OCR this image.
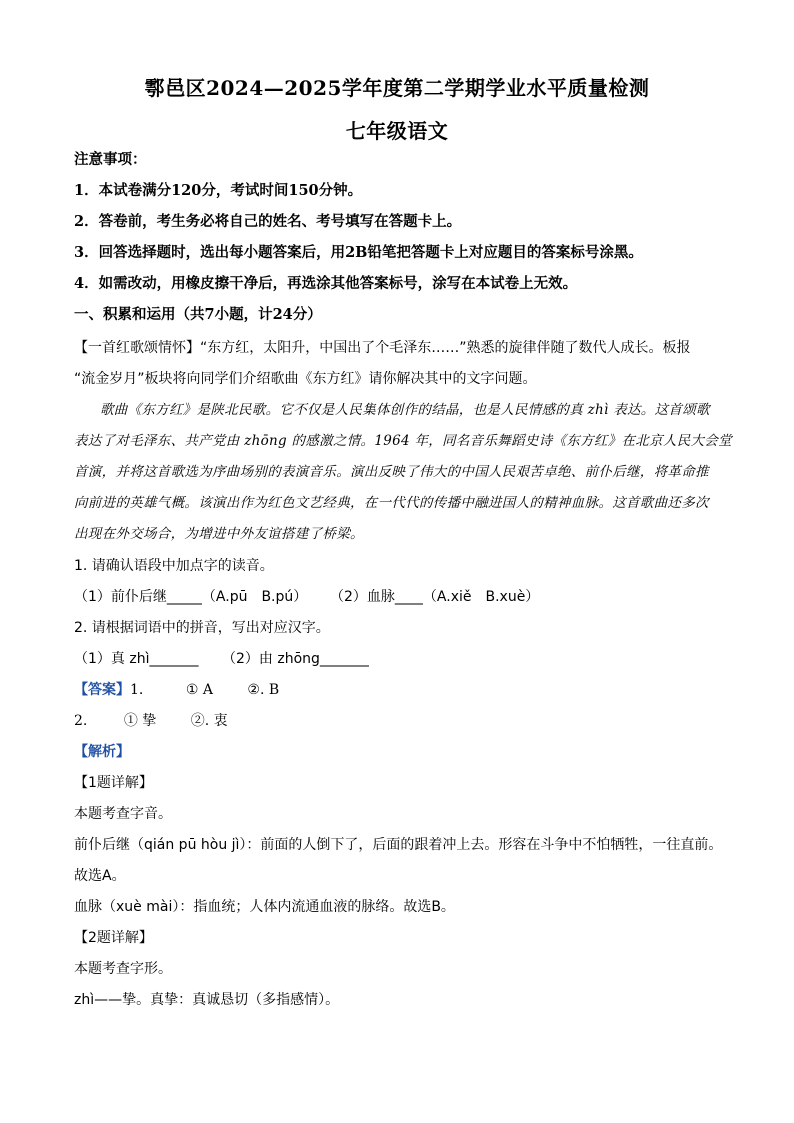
鄠邑区2024—2025学年度第二学期学业水平质量检测
七年级语文
注意事项：
1．本试卷满分120分，考试时间150分钟。
2．答卷前，考生务必将自己的姓名、考号填写在答题卡上。
3．回答选择题时，选出每小题答案后，用2B铅笔把答题卡上对应题目的答案标号涂黑。
4．如需改动，用橡皮擦干净后，再选涂其他答案标号，涂写在本试卷上无效。
一、积累和运用（共7小题，计24分）
【一首红歌颂情怀】“东方红，太阳升，中国出了个毛泽东……”熟悉的旋律伴随了数代人成长。板报
“流金岁月”板块将向同学们介绍歌曲《东方红》请你解决其中的文字问题。
歌曲《东方红》是陕北民歌。它不仅是人民集体创作的结晶，也是人民情感的真 zhì 表达。这首颂歌
表达了对毛泽东、共产党由 zhōng 的感激之情。1964 年，同名音乐舞蹈史诗《东方红》在北京人民大会堂
首演，并将这首歌选为序曲场别的表演音乐。演出反映了伟大的中国人民艰苦卓绝、前仆后继，将革命推
向前进的英雄气概。该演出作为红色文艺经典，在一代代的传播中融进国人的精神血脉。这首歌曲还多次
出现在外交场合，为增进中外友谊搭建了桥梁。
1. 请确认语段中加点字的读音。
（1）前仆后继_____（A.pū　B.pú） （2）血脉____（A.xiě　B.xuè）
2. 请根据词语中的拼音，写出对应汉字。
（1）真 zhì_______ （2）由 zhōng_______
【答案】1.	① A ②. B
2.	① 挚 ②. 衷
【解析】
【1题详解】
本题考查字音。
前仆后继（qián pū hòu jì）：前面的人倒下了，后面的跟着冲上去。形容在斗争中不怕牺牲，一往直前。
故选A。
血脉（xuè mài）：指血统；人体内流通血液的脉络。故选B。
【2题详解】
本题考查字形。
zhì——挚。真挚：真诚恳切（多指感情）。
